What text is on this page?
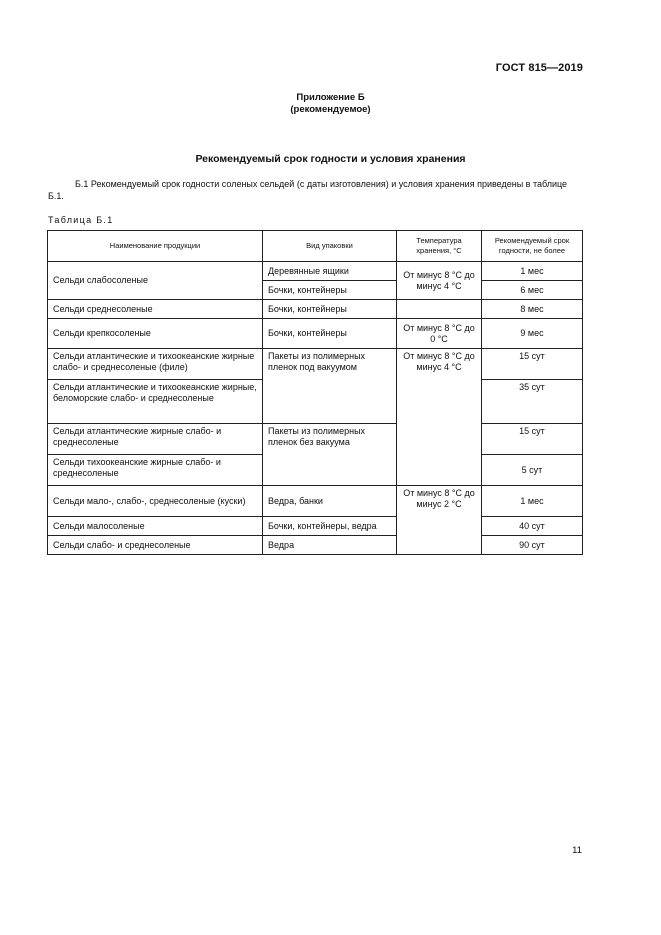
ГОСТ 815—2019
Приложение Б
(рекомендуемое)
Рекомендуемый срок годности и условия хранения
Б.1 Рекомендуемый срок годности соленых сельдей (с даты изготовления) и условия хранения приведены в таблице Б.1.
Таблица Б.1
Наименование продукции	Вид упаковки	Температура хранения, °С	Рекомендуемый срок годности, не более
Сельди слабосоленые	Деревянные ящики	От минус 8 °С до минус 4 °С	1 мес
	Бочки, контейнеры		6 мес
Сельди среднесоленые	Бочки, контейнеры		8 мес
Сельди крепкосоленые	Бочки, контейнеры	От минус 8 °С до 0 °С	9 мес
Сельди атлантические и тихоокеанские жирные слабо- и среднесоленые (филе)	Пакеты из полимерных пленок под вакуумом	От минус 8 °С до минус 4 °С	15 сут
Сельди атлантические и тихоокеанские жирные, беломорские слабо- и среднесоленые			35 сут
Сельди атлантические жирные слабо- и среднесоленые	Пакеты из полимерных пленок без вакуума		15 сут
Сельди тихоокеанские жирные слабо- и среднесоленые			5 сут
Сельди мало-, слабо-, среднесоленые (куски)	Ведра, банки	От минус 8 °С до минус 2 °С	1 мес
Сельди малосоленые	Бочки, контейнеры, ведра		40 сут
Сельди слабо- и среднесоленые	Ведра		90 сут
11
